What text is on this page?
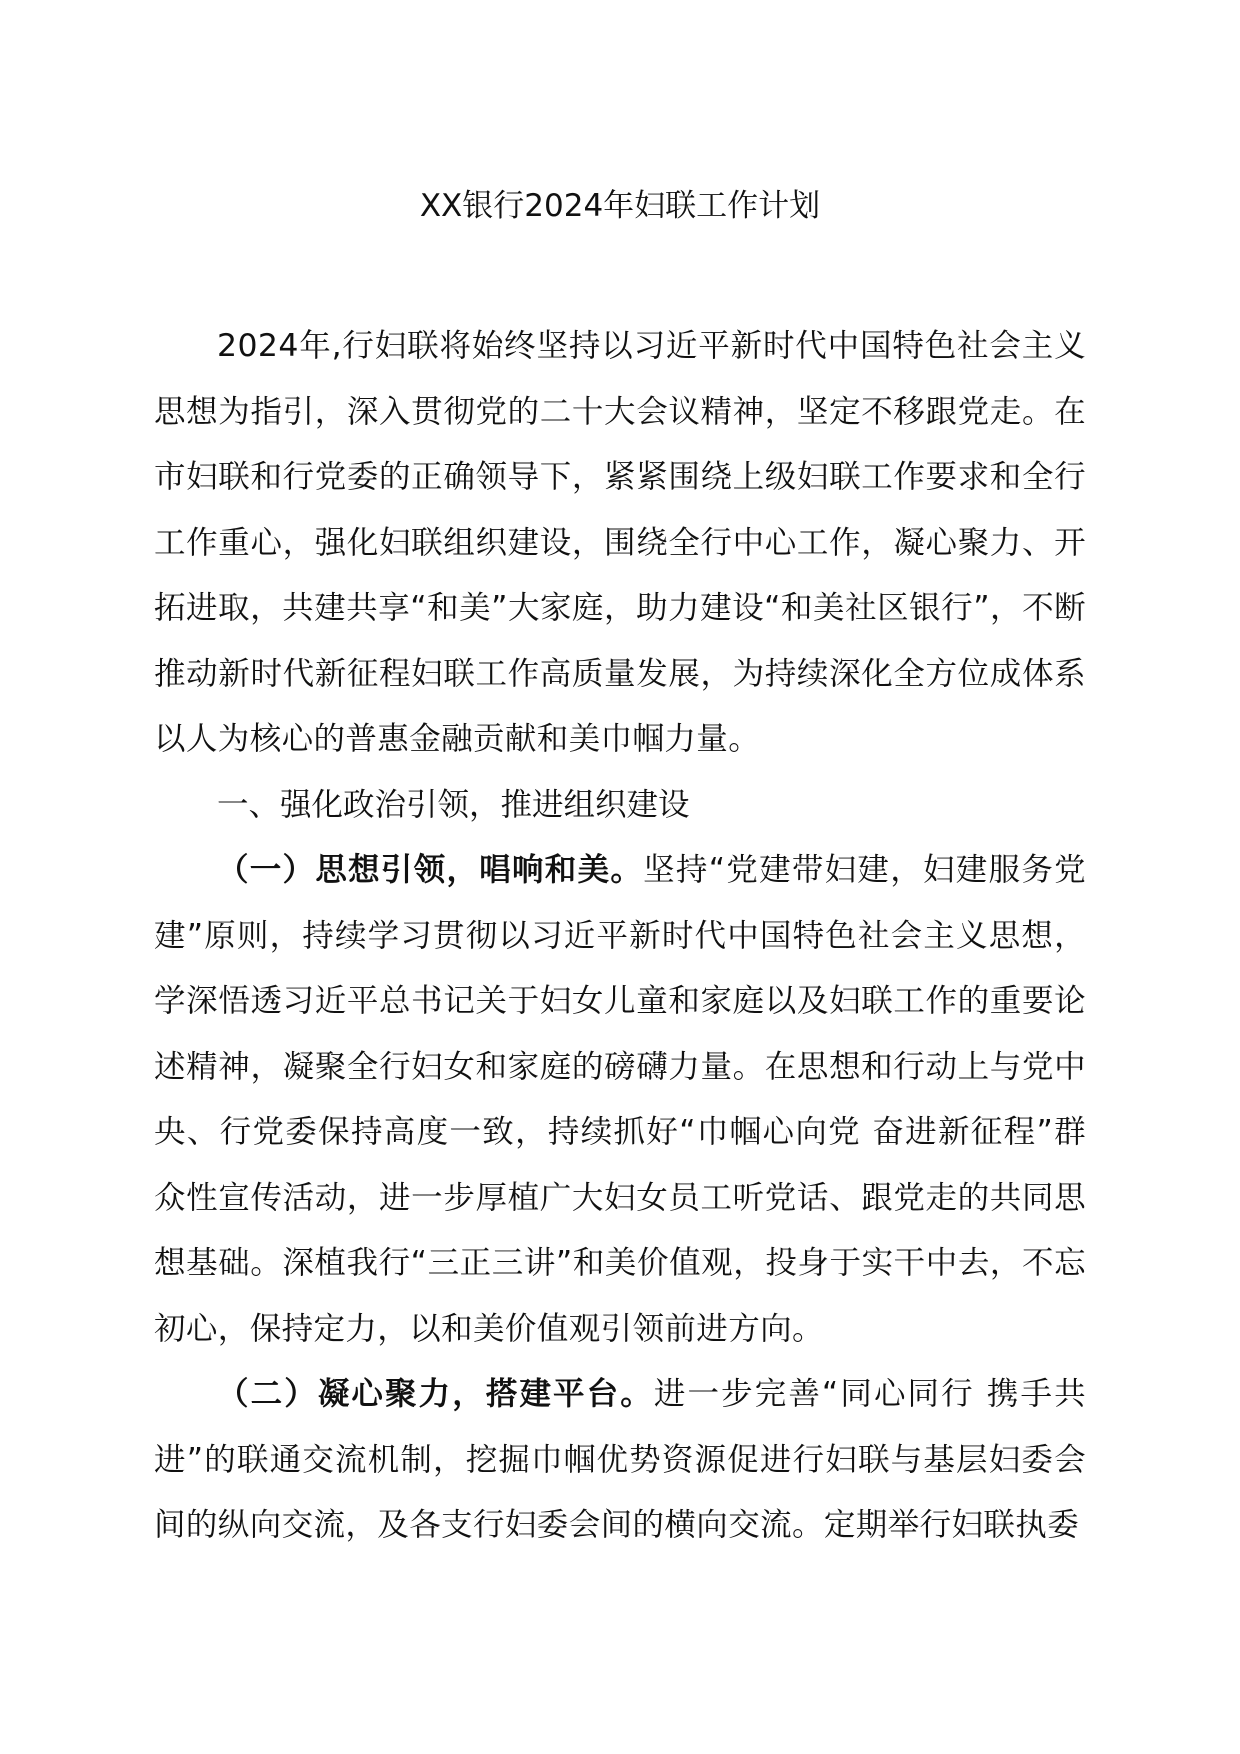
XX银行2024年妇联工作计划

2024年,行妇联将始终坚持以习近平新时代中国特色社会主义思想为指引，深入贯彻党的二十大会议精神，坚定不移跟党走。在市妇联和行党委的正确领导下，紧紧围绕上级妇联工作要求和全行工作重心，强化妇联组织建设，围绕全行中心工作，凝心聚力、开拓进取，共建共享“和美”大家庭，助力建设“和美社区银行”，不断推动新时代新征程妇联工作高质量发展，为持续深化全方位成体系以人为核心的普惠金融贡献和美巾帼力量。

一、强化政治引领，推进组织建设

（一）思想引领，唱响和美。坚持“党建带妇建，妇建服务党建”原则，持续学习贯彻以习近平新时代中国特色社会主义思想，学深悟透习近平总书记关于妇女儿童和家庭以及妇联工作的重要论述精神，凝聚全行妇女和家庭的磅礴力量。在思想和行动上与党中央、行党委保持高度一致，持续抓好“巾帼心向党 奋进新征程”群众性宣传活动，进一步厚植广大妇女员工听党话、跟党走的共同思想基础。深植我行“三正三讲”和美价值观，投身于实干中去，不忘初心，保持定力，以和美价值观引领前进方向。

（二）凝心聚力，搭建平台。进一步完善“同心同行 携手共进”的联通交流机制，挖掘巾帼优势资源促进行妇联与基层妇委会间的纵向交流，及各支行妇委会间的横向交流。定期举行妇联执委
